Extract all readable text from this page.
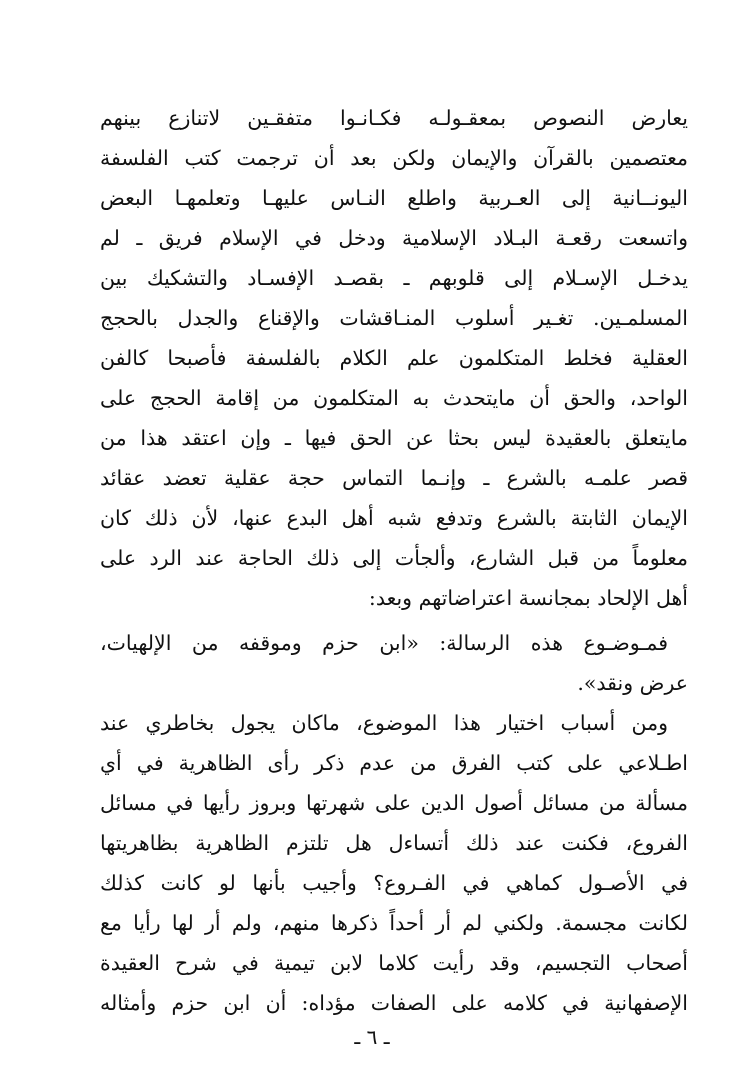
يعارض النصوص بمعقـولـه فكـانـوا متفقـين لاتنازع بينهم
معتصمين بالقرآن والإيمان ولكن بعد أن ترجمت كتب الفلسفة
اليونــانية إلى العـربية واطلع النـاس عليهـا وتعلمهـا البعض
واتسعت رقعـة البـلاد الإسلامية ودخل في الإسلام فريق ـ لم
يدخـل الإسـلام إلى قلوبهم ـ بقصـد الإفسـاد والتشكيك بين
المسلمـين. تغـير أسلوب المنـاقشات والإقناع والجدل بالحجج
العقلية فخلط المتكلمون علم الكلام بالفلسفة فأصبحا كالفن
الواحد، والحق أن مايتحدث به المتكلمون من إقامة الحجج على
مايتعلق بالعقيدة ليس بحثا عن الحق فيها ـ وإن اعتقد هذا من
قصر علمـه بالشرع ـ وإنـما التماس حجة عقلية تعضد عقائد
الإيمان الثابتة بالشرع وتدفع شبه أهل البدع عنها، لأن ذلك كان
معلوماً من قبل الشارع، وألجأت إلى ذلك الحاجة عند الرد على
أهل الإلحاد بمجانسة اعتراضاتهم وبعد:
فمـوضـوع هذه الرسالة: «ابن حزم وموقفه من الإلهيات،
عرض ونقد».
ومن أسباب اختيار هذا الموضوع، ماكان يجول بخاطري عند
اطـلاعي على كتب الفرق من عدم ذكر رأى الظاهرية في أي
مسألة من مسائل أصول الدين على شهرتها وبروز رأيها في مسائل
الفروع، فكنت عند ذلك أتساءل هل تلتزم الظاهرية بظاهريتها
في الأصـول كماهي في الفـروع؟ وأجيب بأنها لو كانت كذلك
لكانت مجسمة. ولكني لم أر أحداً ذكرها منهم، ولم أر لها رأيا مع
أصحاب التجسيم، وقد رأيت كلاما لابن تيمية في شرح العقيدة
الإصفهانية في كلامه على الصفات مؤداه: أن ابن حزم وأمثاله
ـ ٦ ـ
